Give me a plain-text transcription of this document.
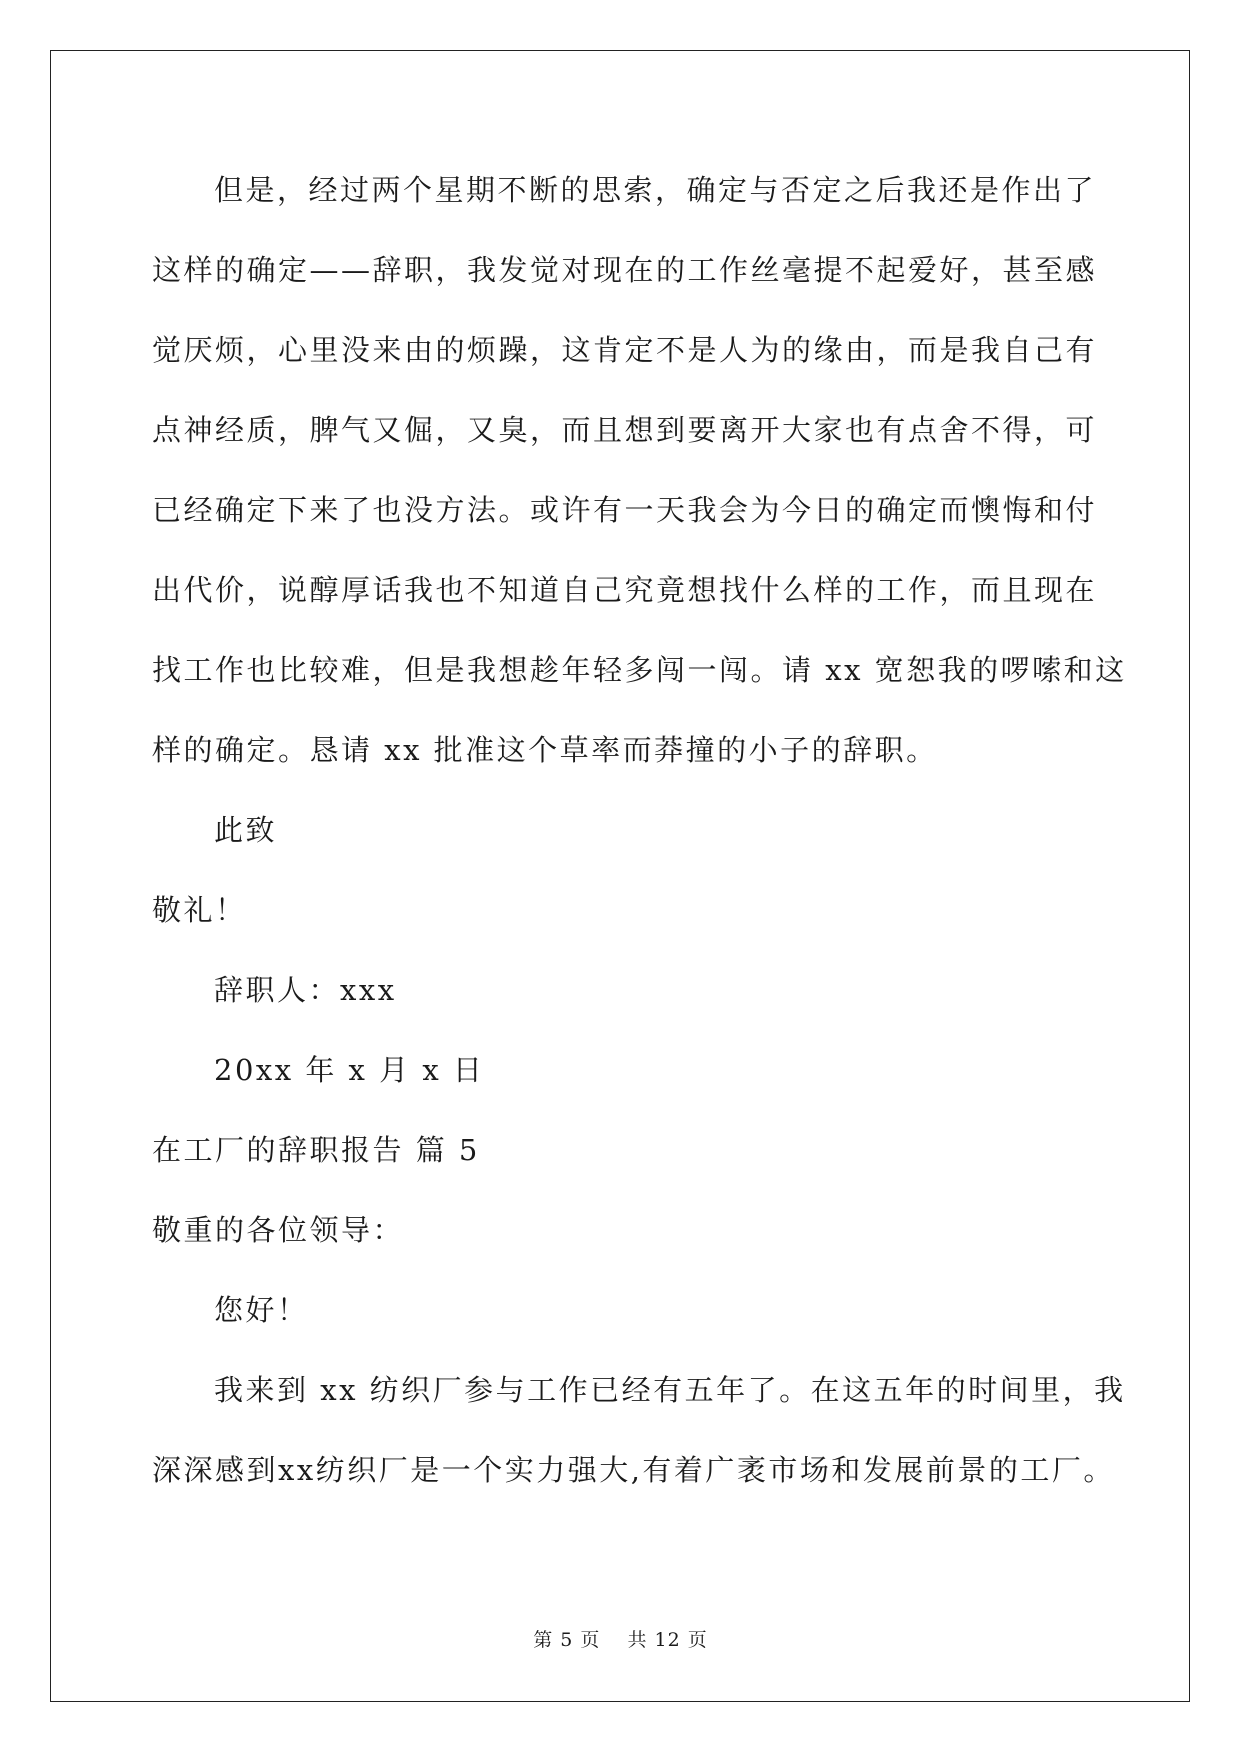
但是，经过两个星期不断的思索，确定与否定之后我还是作出了
这样的确定——辞职，我发觉对现在的工作丝毫提不起爱好，甚至感
觉厌烦，心里没来由的烦躁，这肯定不是人为的缘由，而是我自己有
点神经质，脾气又倔，又臭，而且想到要离开大家也有点舍不得，可
已经确定下来了也没方法。或许有一天我会为今日的确定而懊悔和付
出代价，说醇厚话我也不知道自己究竟想找什么样的工作，而且现在
找工作也比较难，但是我想趁年轻多闯一闯。请 xx 宽恕我的啰嗦和这
样的确定。恳请 xx 批准这个草率而莽撞的小子的辞职。
此致
敬礼！
辞职人：xxx
20xx 年 x 月 x 日
在工厂的辞职报告 篇 5
敬重的各位领导：
您好！
我来到 xx 纺织厂参与工作已经有五年了。在这五年的时间里，我
深深感到xx纺织厂是一个实力强大,有着广袤市场和发展前景的工厂。
第 5 页 共 12 页
